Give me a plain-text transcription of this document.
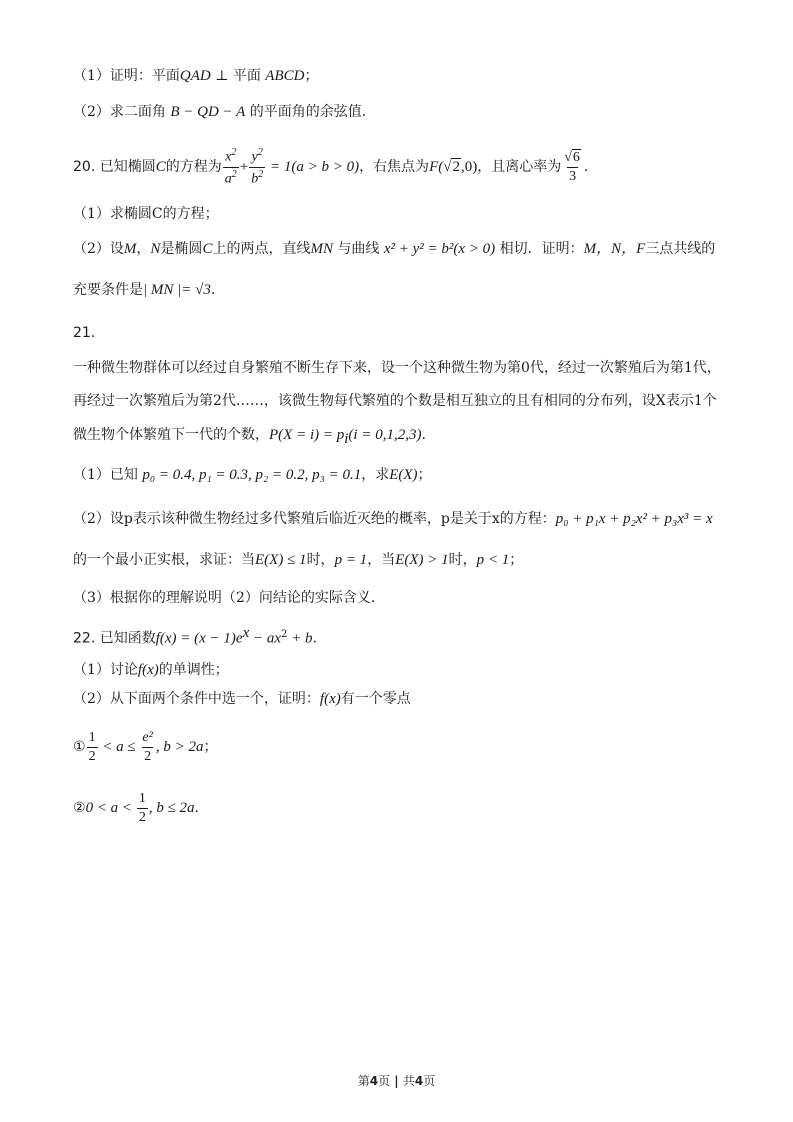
（1）证明：平面QAD ⊥ 平面 ABCD；
（2）求二面角 B − QD − A 的平面角的余弦值.
20. 已知椭圆C的方程为 $\frac{x^2}{a^2} + \frac{y^2}{b^2} = 1(a > b > 0)$，右焦点为F(√2,0)，且离心率为 $\frac{√6}{3}$ .
（1）求椭圆C的方程；
（2）设M，N是椭圆C上的两点，直线MN 与曲线 x² + y² = b²(x > 0) 相切．证明：M，N，F三点共线的
充要条件是| MN |= √3.
21.
一种微生物群体可以经过自身繁殖不断生存下来，设一个这种微生物为第0代，经过一次繁殖后为第1代，
再经过一次繁殖后为第2代……，该微生物每代繁殖的个数是相互独立的且有相同的分布列，设X表示1个
微生物个体繁殖下一代的个数，$P(X = i) = p_i(i = 0,1,2,3)$.
（1）已知 p₀ = 0.4, p₁ = 0.3, p₂ = 0.2, p₃ = 0.1，求E(X)；
（2）设p表示该种微生物经过多代繁殖后临近灭绝的概率，p是关于x的方程：p₀ + p₁x + p₂x² + p₃x³ = x
的一个最小正实根，求证：当E(X) ≤ 1时，p = 1，当E(X) > 1时，p < 1；
（3）根据你的理解说明（2）问结论的实际含义.
22. 已知函数$f(x) = (x - 1)e^x - ax^2 + b$.
（1）讨论f(x)的单调性；
（2）从下面两个条件中选一个，证明：f(x)有一个零点
① $\frac{1}{2} < a \le \frac{\text{e²}}{2}$ , b > 2a；
②0 < $a < \frac{1}{2}$ , b ≤ 2a.
第4页 | 共4页
